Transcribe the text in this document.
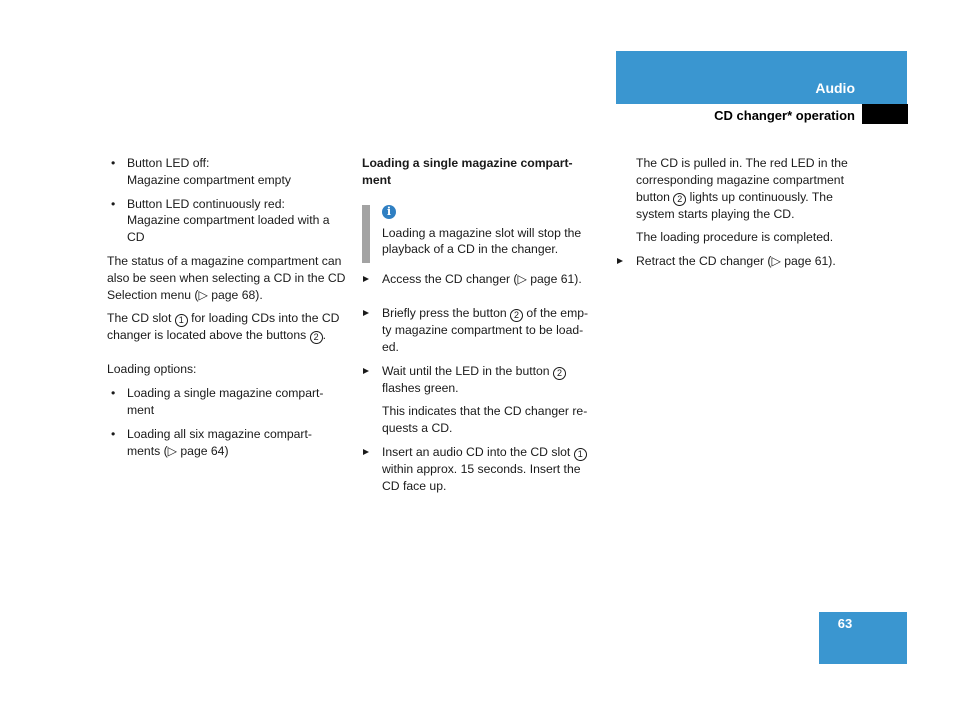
Audio
CD changer* operation
• Button LED off:
Magazine compartment empty
• Button LED continuously red:
Magazine compartment loaded with a
CD

The status of a magazine compartment can
also be seen when selecting a CD in the CD
Selection menu (▷ page 68).

The CD slot 1 for loading CDs into the CD
changer is located above the buttons 2 .

Loading options:

• Loading a single magazine compart-
ment
• Loading all six magazine compart-
ments (▷ page 64)
Loading a single magazine compart-
ment
i
Loading a magazine slot will stop the
playback of a CD in the changer.
Access the CD changer (▷ page 61).
Briefly press the button 2 of the emp-
ty magazine compartment to be load-
ed.
Wait until the LED in the button 2
flashes green.

This indicates that the CD changer re-
quests a CD.

Insert an audio CD into the CD slot 1
within approx. 15 seconds. Insert the
CD face up.

The CD is pulled in. The red LED in the
corresponding magazine compartment
button 2 lights up continuously. The
system starts playing the CD.

The loading procedure is completed.

Retract the CD changer (▷ page 61).
63
